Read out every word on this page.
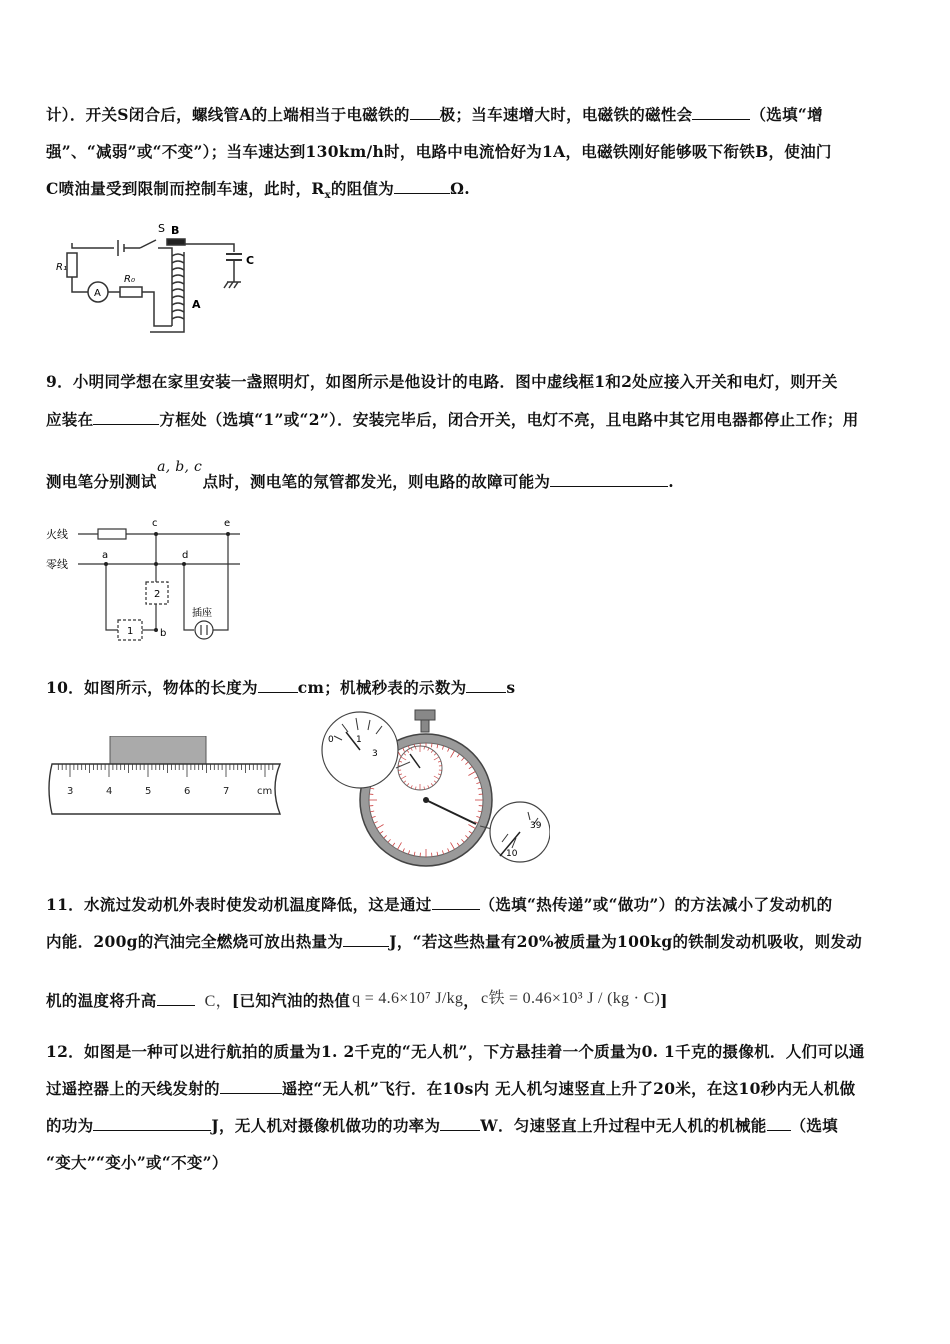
计）．开关S闭合后，螺线管A的上端相当于电磁铁的 极；当车速增大时，电磁铁的磁性会	（选填“增
强”、“减弱”或“不变”）；当车速达到130km/h时，电路中电流恰好为1A，电磁铁刚好能够吸下衔铁B，使油门
C喷油量受到限制而控制车速，此时，$R_x$的阻值为	Ω.
S B
C
A
A
R₁
R₀
9．小明同学想在家里安装一盏照明灯，如图所示是他设计的电路．图中虚线框1和2处应接入开关和电灯，则开关
应装在	方框处（选填“1”或“2”）．安装完毕后，闭合开关，电灯不亮，且电路中其它用电器都停止工作；用
测电笔分别测试a, b, c点时，测电笔的氖管都发光，则电路的故障可能为	.
火线
零线
c	e
a	d
b
1
2
插座
10．如图所示，物体的长度为	cm；机械秒表的示数为	s
3	4	5	6	7	cm
0 1
3
39
10
11．水流过发动机外表时使发动机温度降低，这是通过	（选填“热传递”或“做功”）的方法减小了发动机的
内能．200g的汽油完全燃烧可放出热量为	J，“若这些热量有20%被质量为100kg的铁制发动机吸收，则发动
机的温度将升高	C，[已知汽油的热值 q = 4.6×10⁷ J/kg， c铁 = 0.46×10³ J / (kg · C)]
12．如图是一种可以进行航拍的质量为1. 2千克的“无人机”，下方悬挂着一个质量为0. 1千克的摄像机．人们可以通
过遥控器上的天线发射的	遥控“无人机”飞行．在10s内 无人机匀速竖直上升了20米，在这10秒内无人机做
的功为	J，无人机对摄像机做功的功率为	W．匀速竖直上升过程中无人机的机械能 （选填
“变大”“变小”或“不变”）
